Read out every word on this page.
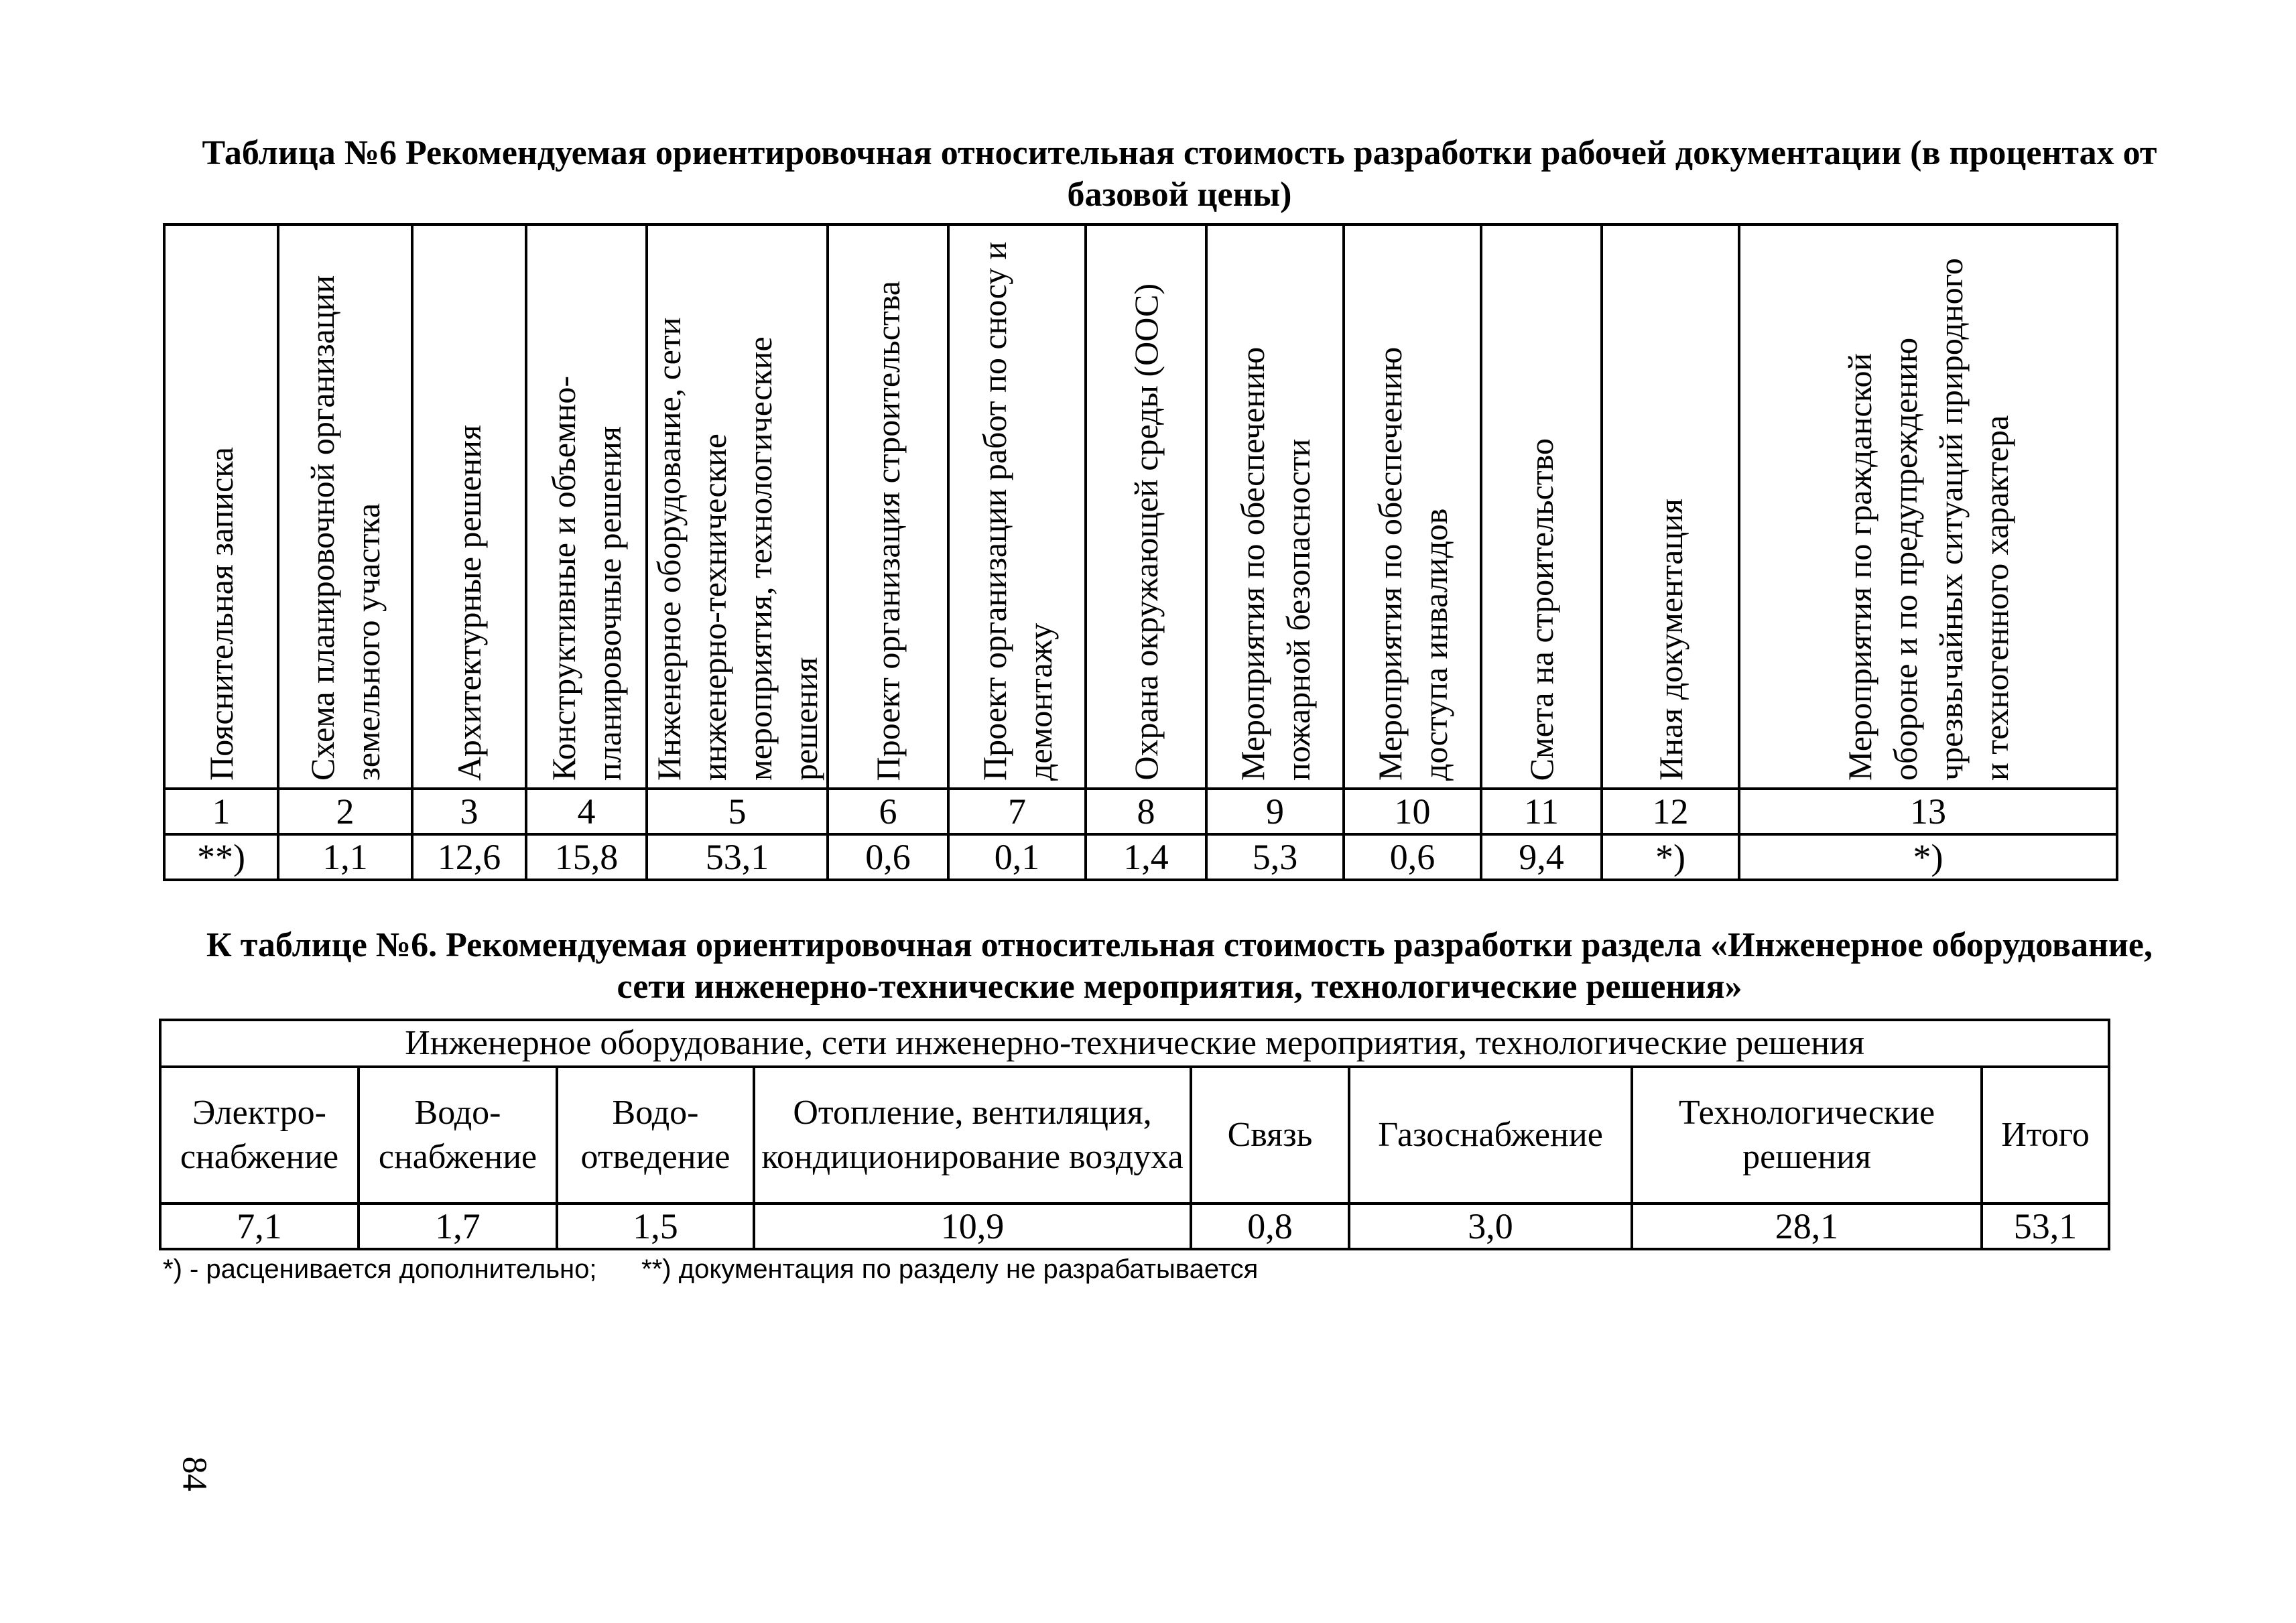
Таблица №6 Рекомендуемая ориентировочная относительная стоимость разработки рабочей документации (в процентах от базовой цены)

Пояснительная записка	Схема планировочной организации земельного участка	Архитектурные решения	Конструктивные и объемно-планировочные решения	Инженерное оборудование, сети инженерно-технические мероприятия, технологические решения	Проект организация строительства	Проект организации работ по сносу и демонтажу	Охрана окружающей среды (ООС)	Мероприятия по обеспечению пожарной безопасности	Мероприятия по обеспечению доступа инвалидов	Смета на строительство	Иная документация	Мероприятия по гражданской обороне и по предупреждению чрезвычайных ситуаций природного и техногенного характера

1	2	3	4	5	6	7	8	9	10	11	12	13
**)	1,1	12,6	15,8	53,1	0,6	0,1	1,4	5,3	0,6	9,4	*)	*)

К таблице №6. Рекомендуемая ориентировочная относительная стоимость разработки раздела «Инженерное оборудование, сети инженерно-технические мероприятия, технологические решения»

Инженерное оборудование, сети инженерно-технические мероприятия, технологические решения							
Электро-снабжение	Водо-снабжение	Водо-отведение	Отопление, вентиляция, кондиционирование воздуха	Связь	Газоснабжение	Технологические решения	Итого
7,1	1,7	1,5	10,9	0,8	3,0	28,1	53,1
*) - расценивается дополнительно;      **) документация по разделу не разрабатывается
84
